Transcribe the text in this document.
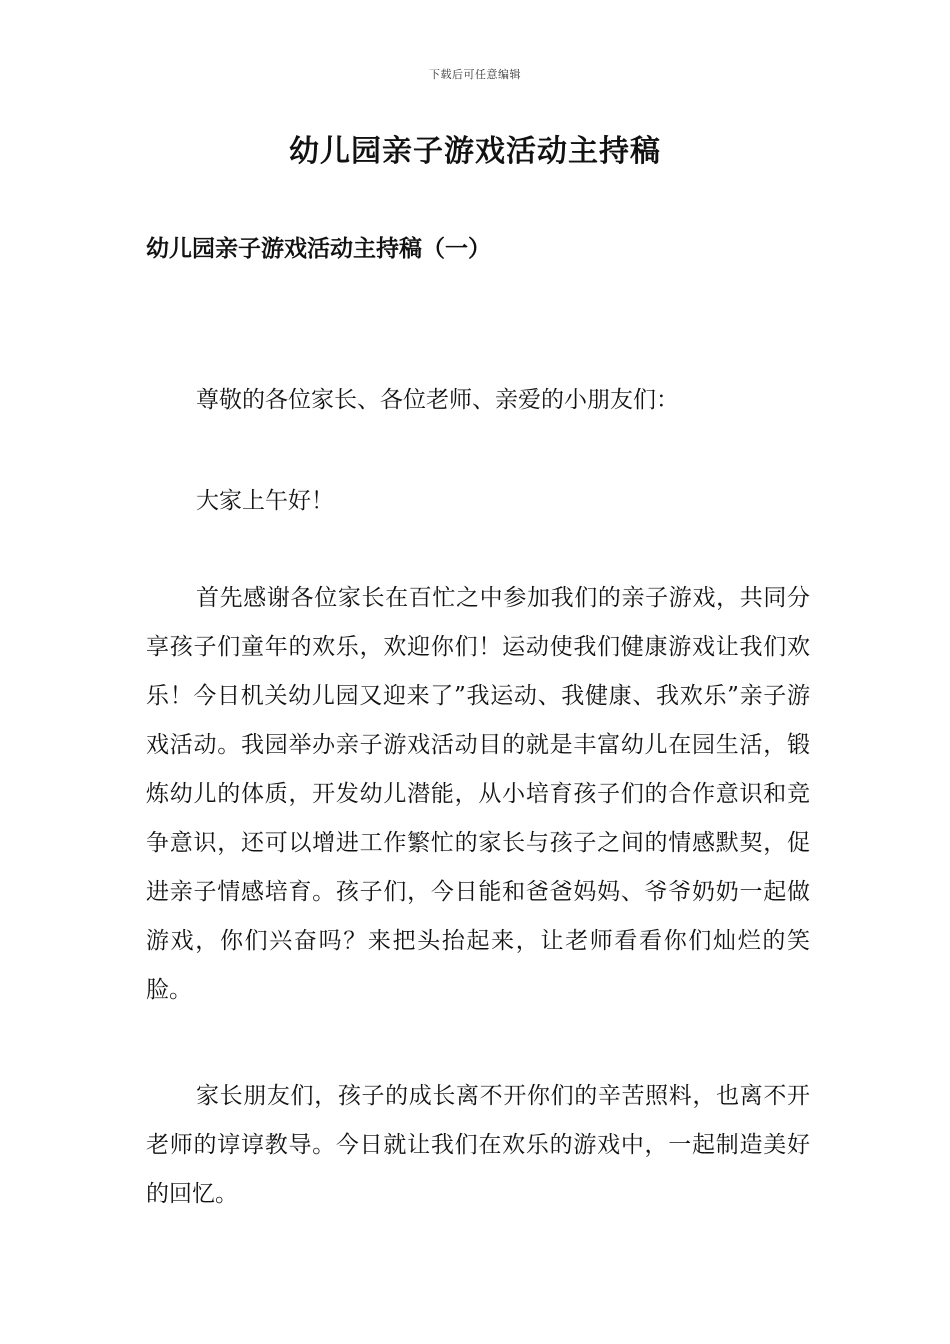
下载后可任意编辑
幼儿园亲子游戏活动主持稿
幼儿园亲子游戏活动主持稿（一）

尊敬的各位家长、各位老师、亲爱的小朋友们：

大家上午好！

首先感谢各位家长在百忙之中参加我们的亲子游戏，共同分享孩子们童年的欢乐，欢迎你们！运动使我们健康游戏让我们欢乐！今日机关幼儿园又迎来了”我运动、我健康、我欢乐”亲子游戏活动。我园举办亲子游戏活动目的就是丰富幼儿在园生活，锻炼幼儿的体质，开发幼儿潜能，从小培育孩子们的合作意识和竞争意识，还可以增进工作繁忙的家长与孩子之间的情感默契，促进亲子情感培育。孩子们，今日能和爸爸妈妈、爷爷奶奶一起做游戏，你们兴奋吗？来把头抬起来，让老师看看你们灿烂的笑脸。

家长朋友们，孩子的成长离不开你们的辛苦照料，也离不开老师的谆谆教导。今日就让我们在欢乐的游戏中，一起制造美好的回忆。
